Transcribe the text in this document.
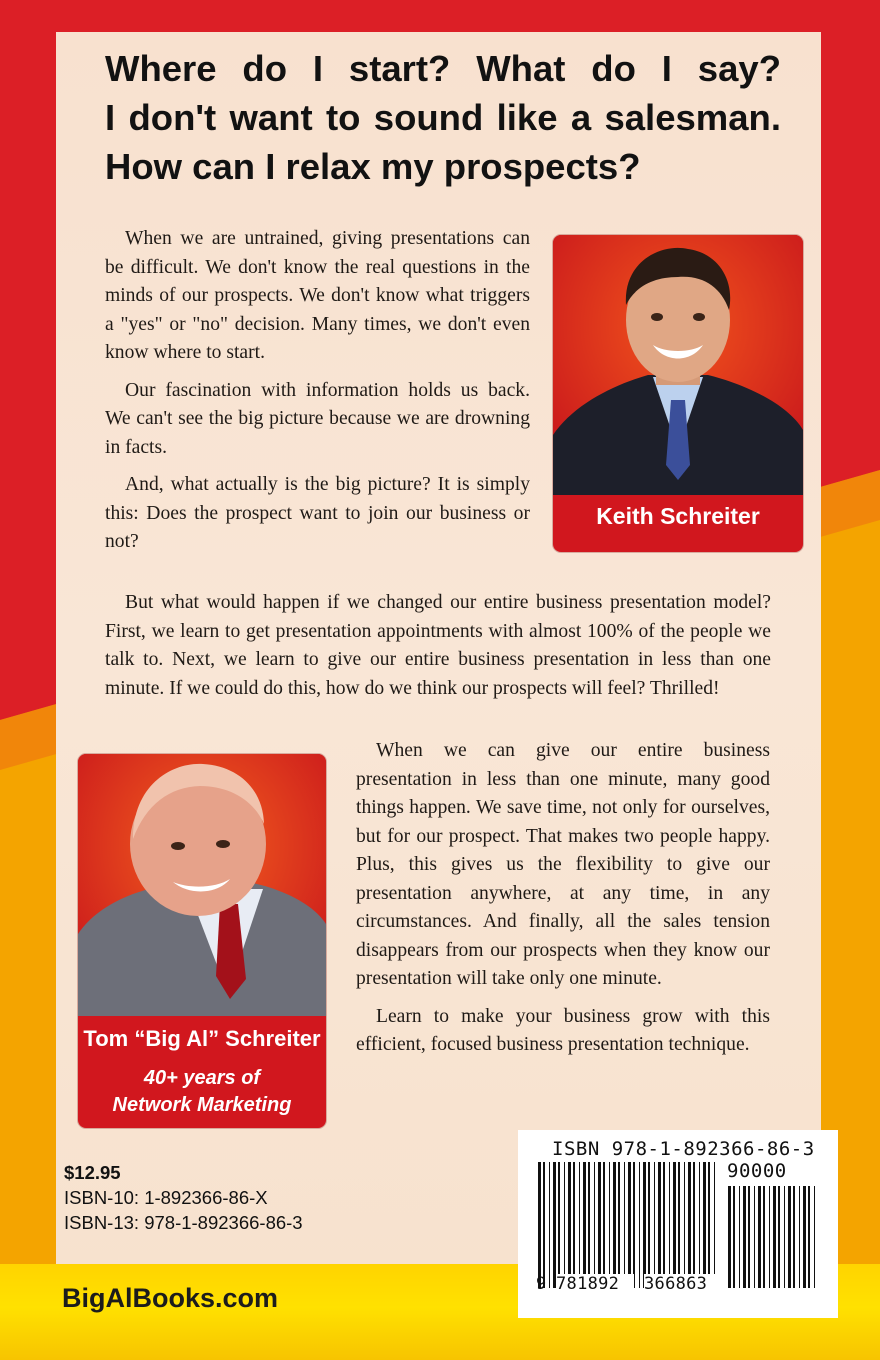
Where do I start? What do I say?
I don't want to sound like a salesman.
How can I relax my prospects?

When we are untrained, giving presentations can be difficult. We don't know the real questions in the minds of our prospects. We don't know what triggers a "yes" or "no" decision. Many times, we don't even know where to start.

Our fascination with information holds us back. We can't see the big picture because we are drowning in facts.

And, what actually is the big picture? It is simply this: Does the prospect want to join our business or not?

But what would happen if we changed our entire business presentation model? First, we learn to get presentation appointments with almost 100% of the people we talk to. Next, we learn to give our entire business presentation in less than one minute. If we could do this, how do we think our prospects will feel? Thrilled!

When we can give our entire business presentation in less than one minute, many good things happen. We save time, not only for ourselves, but for our prospect. That makes two people happy. Plus, this gives us the flexibility to give our presentation anywhere, at any time, in any circumstances. And finally, all the sales tension disappears from our prospects when they know our presentation will take only one minute.

Learn to make your business grow with this efficient, focused business presentation technique.

Keith Schreiter
Tom “Big Al” Schreiter
40+ years of
Network Marketing
$12.95
ISBN-10: 1-892366-86-X
ISBN-13: 978-1-892366-86-3
ISBN 978-1-892366-86-3
90000
9 781892	366863
BigAlBooks.com
